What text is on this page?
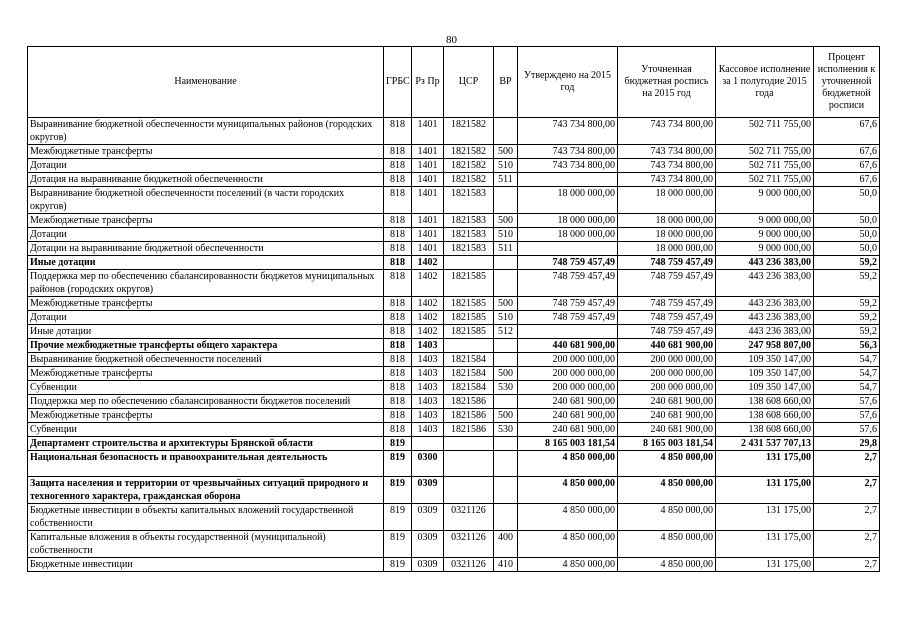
80
Наименование	ГРБС	Рз Пр	ЦСР	ВР	Утверждено на 2015 год	Уточненная бюджетная роспись на 2015 год	Кассовое исполнение за 1 полугодие 2015 года	Процент исполнения к уточненной бюджетной росписи
Выравнивание бюджетной обеспеченности муниципальных районов (городских округов)	818	1401	1821582		743 734 800,00	743 734 800,00	502 711 755,00	67,6
Межбюджетные трансферты	818	1401	1821582	500	743 734 800,00	743 734 800,00	502 711 755,00	67,6
Дотации	818	1401	1821582	510	743 734 800,00	743 734 800,00	502 711 755,00	67,6
Дотация на выравнивание бюджетной обеспеченности	818	1401	1821582	511		743 734 800,00	502 711 755,00	67,6
Выравнивание бюджетной обеспеченности поселений (в части городских округов)	818	1401	1821583		18 000 000,00	18 000 000,00	9 000 000,00	50,0
Межбюджетные трансферты	818	1401	1821583	500	18 000 000,00	18 000 000,00	9 000 000,00	50,0
Дотации	818	1401	1821583	510	18 000 000,00	18 000 000,00	9 000 000,00	50,0
Дотации на выравнивание бюджетной обеспеченности	818	1401	1821583	511		18 000 000,00	9 000 000,00	50,0
Иные дотации	818	1402			748 759 457,49	748 759 457,49	443 236 383,00	59,2
Поддержка мер по обеспечению сбалансированности бюджетов муниципальных районов (городских округов)	818	1402	1821585		748 759 457,49	748 759 457,49	443 236 383,00	59,2
Межбюджетные трансферты	818	1402	1821585	500	748 759 457,49	748 759 457,49	443 236 383,00	59,2
Дотации	818	1402	1821585	510	748 759 457,49	748 759 457,49	443 236 383,00	59,2
Иные дотации	818	1402	1821585	512		748 759 457,49	443 236 383,00	59,2
Прочие межбюджетные трансферты общего характера	818	1403			440 681 900,00	440 681 900,00	247 958 807,00	56,3
Выравнивание бюджетной обеспеченности поселений	818	1403	1821584		200 000 000,00	200 000 000,00	109 350 147,00	54,7
Межбюджетные трансферты	818	1403	1821584	500	200 000 000,00	200 000 000,00	109 350 147,00	54,7
Субвенции	818	1403	1821584	530	200 000 000,00	200 000 000,00	109 350 147,00	54,7
Поддержка мер по обеспечению сбалансированности бюджетов поселений	818	1403	1821586		240 681 900,00	240 681 900,00	138 608 660,00	57,6
Межбюджетные трансферты	818	1403	1821586	500	240 681 900,00	240 681 900,00	138 608 660,00	57,6
Субвенции	818	1403	1821586	530	240 681 900,00	240 681 900,00	138 608 660,00	57,6
Департамент строительства и архитектуры Брянской области	819				8 165 003 181,54	8 165 003 181,54	2 431 537 707,13	29,8
Национальная безопасность и правоохранительная деятельность	819	0300			4 850 000,00	4 850 000,00	131 175,00	2,7
Защита населения и территории от чрезвычайных ситуаций природного и техногенного характера, гражданская оборона	819	0309			4 850 000,00	4 850 000,00	131 175,00	2,7
Бюджетные инвестиции в объекты капитальных вложений государственной собственности	819	0309	0321126		4 850 000,00	4 850 000,00	131 175,00	2,7
Капитальные вложения в объекты государственной (муниципальной) собственности	819	0309	0321126	400	4 850 000,00	4 850 000,00	131 175,00	2,7
Бюджетные инвестиции	819	0309	0321126	410	4 850 000,00	4 850 000,00	131 175,00	2,7
